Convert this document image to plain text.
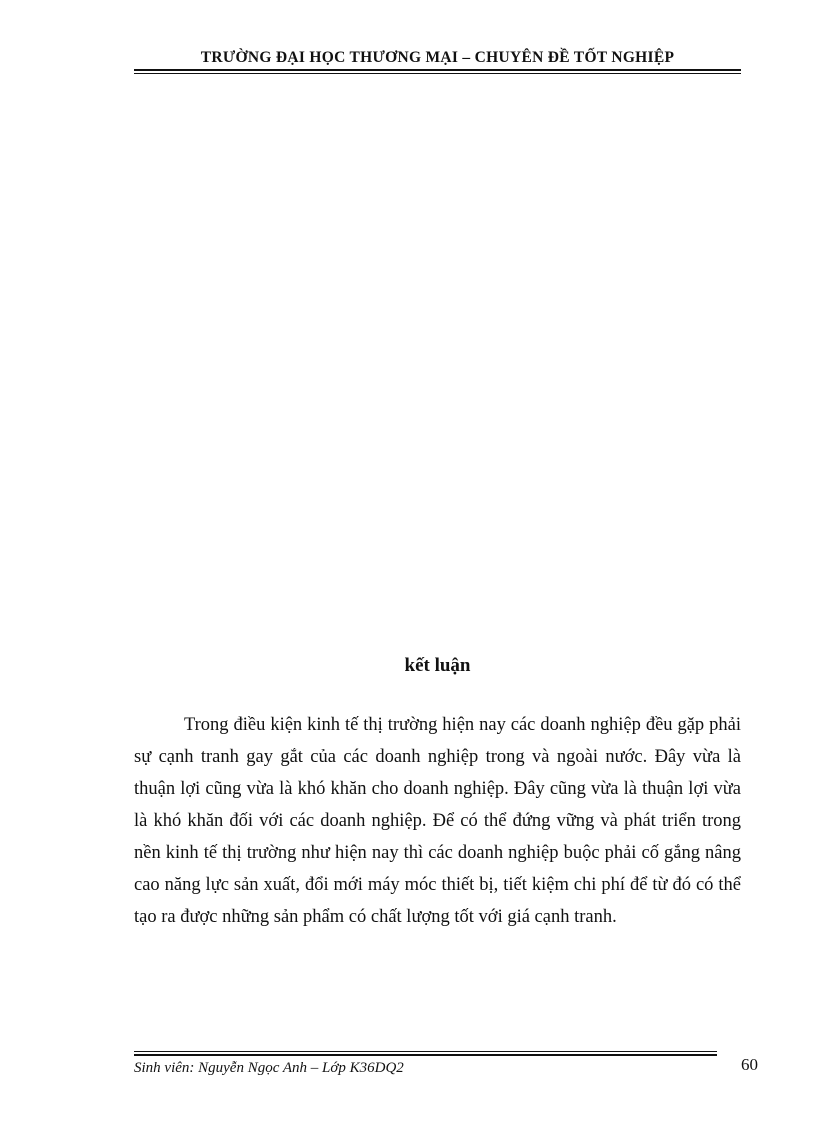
TRƯỜNG ĐẠI HỌC THƯƠNG MẠI – CHUYÊN ĐỀ TỐT NGHIỆP
kết luận

Trong điều kiện kinh tế thị trường hiện nay các doanh nghiệp đều gặp phải sự cạnh tranh gay gắt của các doanh nghiệp trong và ngoài nước. Đây vừa là thuận lợi cũng vừa là khó khăn cho doanh nghiệp. Đây cũng vừa là thuận lợi vừa là khó khăn đối với các doanh nghiệp. Để có thể đứng vững và phát triển trong nền kinh tế thị trường như hiện nay thì các doanh nghiệp buộc phải cố gắng nâng cao năng lực sản xuất, đổi mới máy móc thiết bị, tiết kiệm chi phí để từ đó có thể tạo ra được những sản phẩm có chất lượng tốt với giá cạnh tranh.

Sinh viên: Nguyễn Ngọc Anh – Lớp K36DQ2	60
